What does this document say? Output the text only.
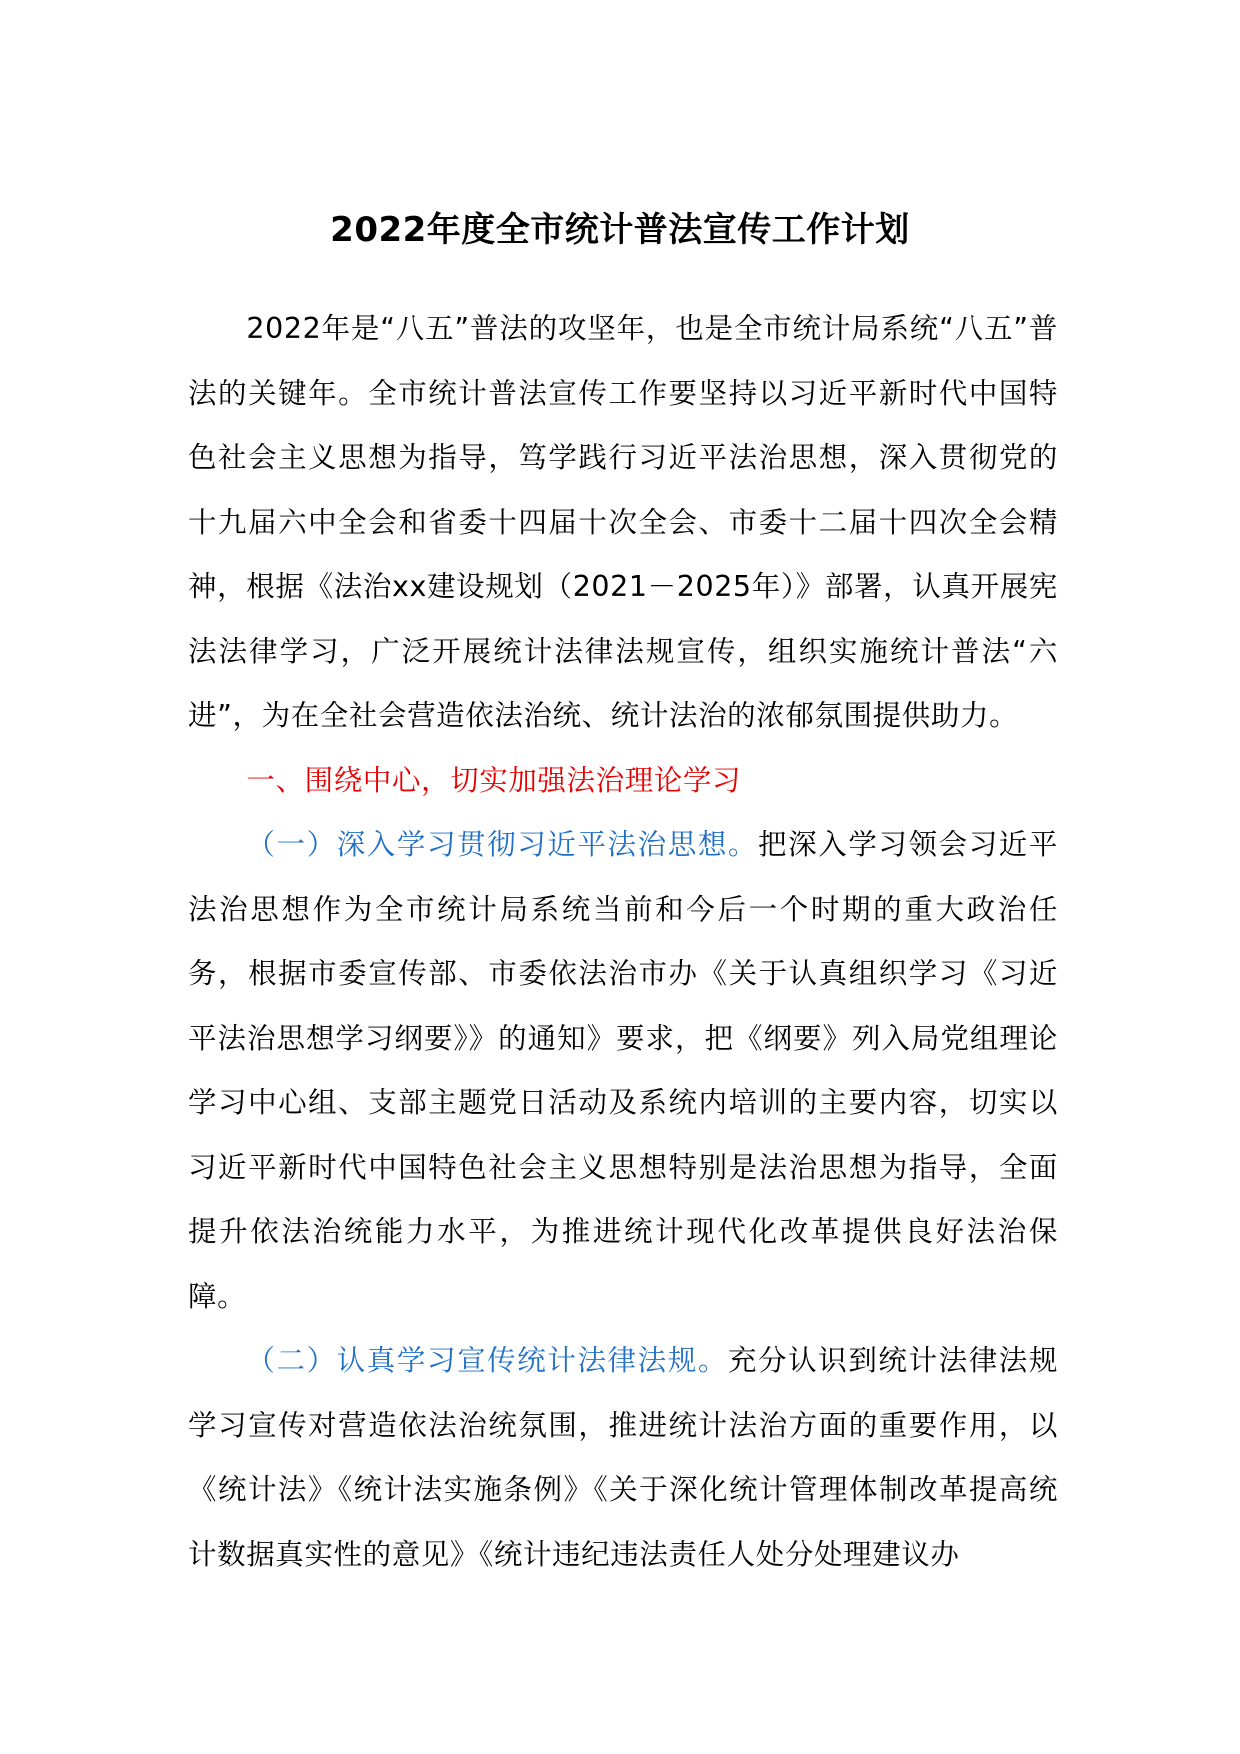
2022年度全市统计普法宣传工作计划

2022年是“八五”普法的攻坚年，也是全市统计局系统“八五”普法的关键年。全市统计普法宣传工作要坚持以习近平新时代中国特色社会主义思想为指导，笃学践行习近平法治思想，深入贯彻党的十九届六中全会和省委十四届十次全会、市委十二届十四次全会精神，根据《法治xx建设规划（2021－2025年）》部署，认真开展宪法法律学习，广泛开展统计法律法规宣传，组织实施统计普法“六进”，为在全社会营造依法治统、统计法治的浓郁氛围提供助力。

一、围绕中心，切实加强法治理论学习

（一）深入学习贯彻习近平法治思想。把深入学习领会习近平法治思想作为全市统计局系统当前和今后一个时期的重大政治任务，根据市委宣传部、市委依法治市办《关于认真组织学习《习近平法治思想学习纲要》》的通知》要求，把《纲要》列入局党组理论学习中心组、支部主题党日活动及系统内培训的主要内容，切实以习近平新时代中国特色社会主义思想特别是法治思想为指导，全面提升依法治统能力水平，为推进统计现代化改革提供良好法治保障。

（二）认真学习宣传统计法律法规。充分认识到统计法律法规学习宣传对营造依法治统氛围，推进统计法治方面的重要作用，以《统计法》《统计法实施条例》《关于深化统计管理体制改革提高统计数据真实性的意见》《统计违纪违法责任人处分处理建议办
